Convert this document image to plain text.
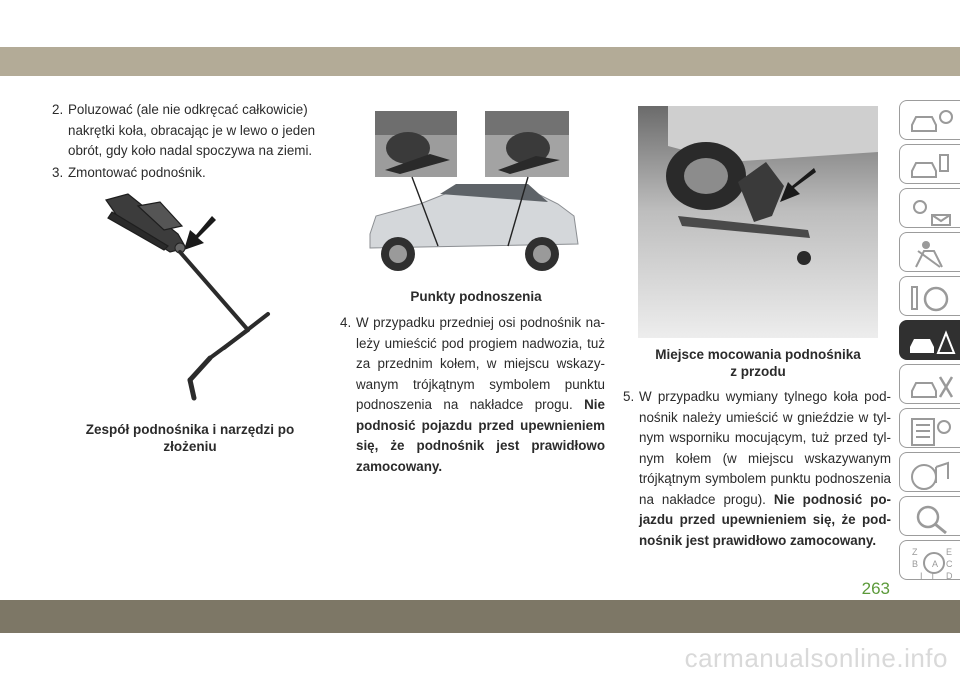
2. Poluzować (ale nie odkręcać całkowicie) nakrętki koła, obracając je w lewo o jeden obrót, gdy koło nadal spoczywa na ziemi.
3. Zmontować podnośnik.
Zespół podnośnika i narzędzi po
złożeniu
Punkty podnoszenia
4. W przypadku przedniej osi podnośnik należy umieścić pod progiem nadwozia, tuż za przednim kołem, w miejscu wskazywanym trójkątnym symbolem punktu podnoszenia na nakładce progu. Nie podnosić pojazdu przed upewnieniem się, że podnośnik jest prawidłowo zamocowany.
Miejsce mocowania podnośnika
z przodu
5. W przypadku wymiany tylnego koła podnośnik należy umieścić w gnieździe w tylnym wsporniku mocującym, tuż przed tylnym kołem (w miejscu wskazywanym trójkątnym symbolem punktu podnoszenia na nakładce progu). Nie podnosić pojazdu przed upewnieniem się, że podnośnik jest prawidłowo zamocowany.
Z	E
B A C
D
I T
263
carmanualsonline.info
